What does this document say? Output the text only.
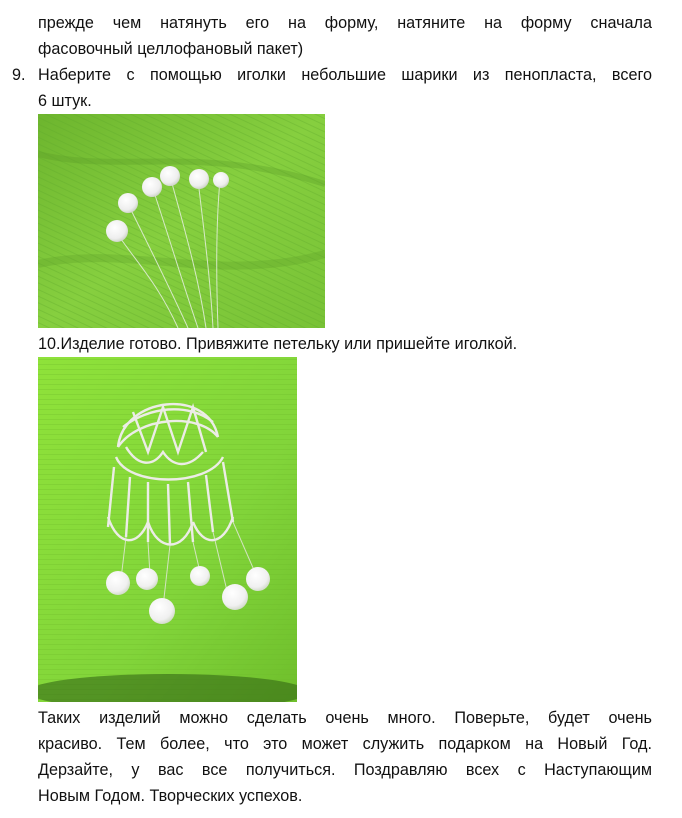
прежде чем натянуть его на форму, натяните на форму сначала
фасовочный целлофановый пакет)
9. Наберите с помощью иголки небольшие шарики из пенопласта, всего
6 штук.
10.Изделие готово. Привяжите петельку или пришейте иголкой.
Таких изделий можно сделать очень много. Поверьте, будет очень
красиво. Тем более, что это может служить подарком на Новый Год.
Дерзайте, у вас все получиться. Поздравляю всех с Наступающим
Новым Годом. Творческих успехов.
